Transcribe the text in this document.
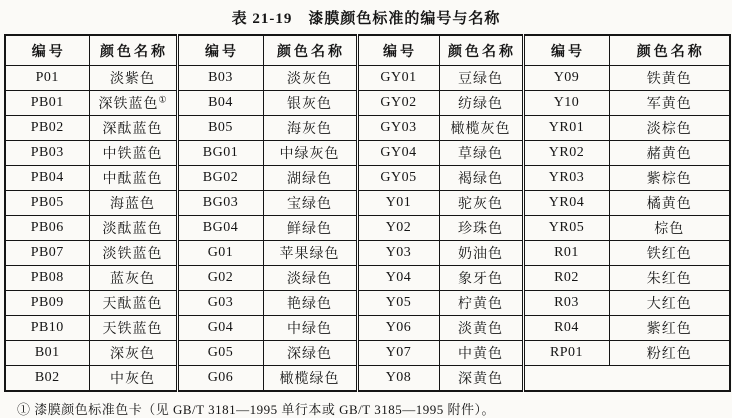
表 21-19　漆膜颜色标准的编号与名称
编号	颜色名称	编号	颜色名称	编号	颜色名称	编号	颜色名称
P01	淡紫色	B03	淡灰色	GY01	豆绿色	Y09	铁黄色
PB01	深铁蓝色①	B04	银灰色	GY02	纺绿色	Y10	军黄色
PB02	深酞蓝色	B05	海灰色	GY03	橄榄灰色	YR01	淡棕色
PB03	中铁蓝色	BG01	中绿灰色	GY04	草绿色	YR02	赭黄色
PB04	中酞蓝色	BG02	湖绿色	GY05	褐绿色	YR03	紫棕色
PB05	海蓝色	BG03	宝绿色	Y01	驼灰色	YR04	橘黄色
PB06	淡酞蓝色	BG04	鲜绿色	Y02	珍珠色	YR05	棕色
PB07	淡铁蓝色	G01	苹果绿色	Y03	奶油色	R01	铁红色
PB08	蓝灰色	G02	淡绿色	Y04	象牙色	R02	朱红色
PB09	天酞蓝色	G03	艳绿色	Y05	柠黄色	R03	大红色
PB10	天铁蓝色	G04	中绿色	Y06	淡黄色	R04	紫红色
B01	深灰色	G05	深绿色	Y07	中黄色	RP01	粉红色
B02	中灰色	G06	橄榄绿色	Y08	深黄色		
① 漆膜颜色标准色卡（见 GB/T 3181—1995 单行本或 GB/T 3185—1995 附件）。
